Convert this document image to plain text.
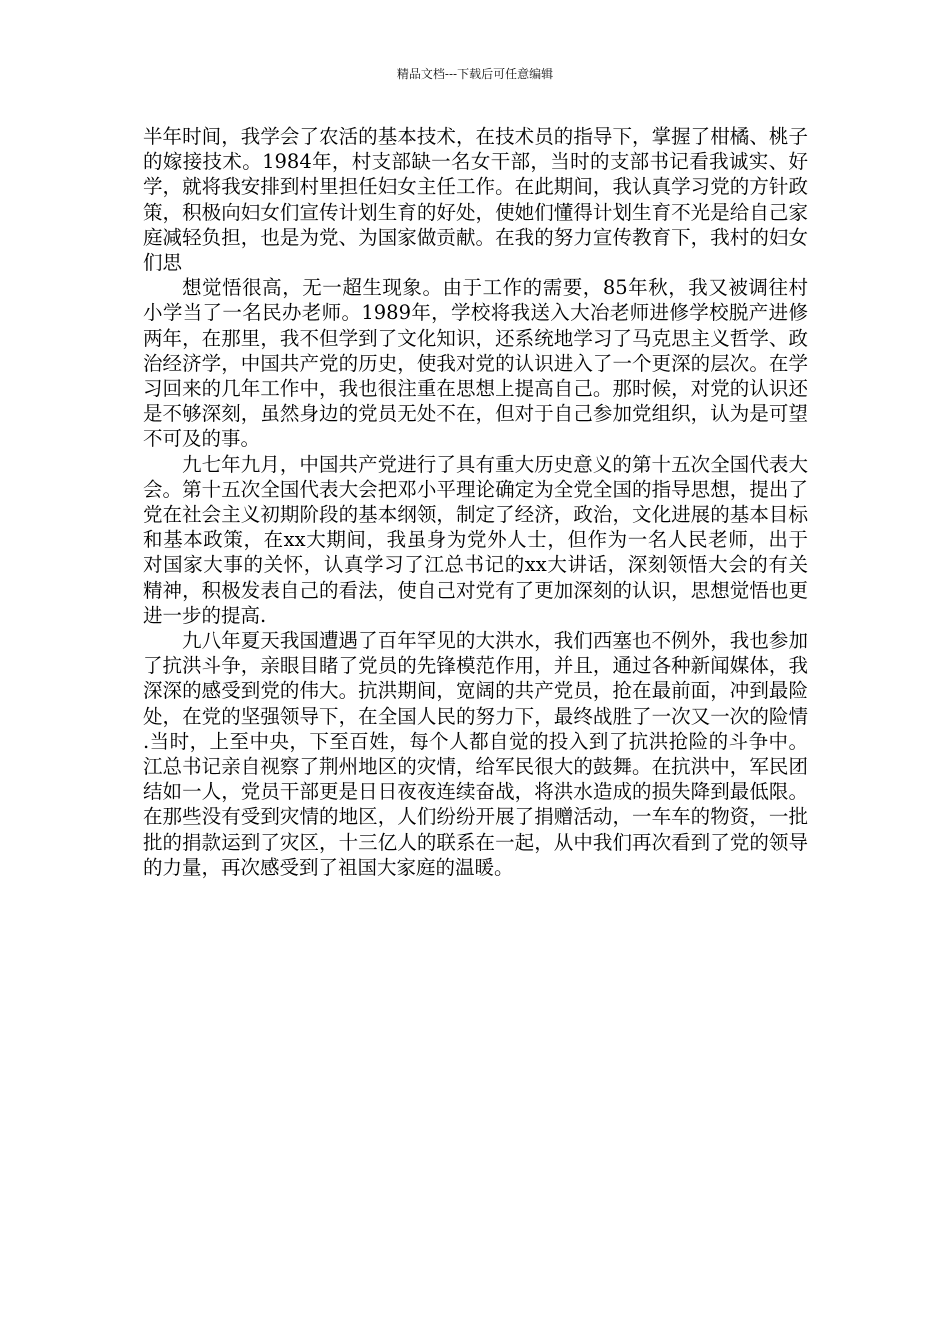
精品文档---下载后可任意编辑

半年时间，我学会了农活的基本技术，在技术员的指导下，掌握了柑橘、桃子的嫁接技术。1984年，村支部缺一名女干部，当时的支部书记看我诚实、好学，就将我安排到村里担任妇女主任工作。在此期间，我认真学习党的方针政策，积极向妇女们宣传计划生育的好处，使她们懂得计划生育不光是给自己家庭减轻负担，也是为党、为国家做贡献。在我的努力宣传教育下，我村的妇女们思

想觉悟很高，无一超生现象。由于工作的需要，85年秋，我又被调往村小学当了一名民办老师。1989年，学校将我送入大冶老师进修学校脱产进修两年，在那里，我不但学到了文化知识，还系统地学习了马克思主义哲学、政治经济学，中国共产党的历史，使我对党的认识进入了一个更深的层次。在学习回来的几年工作中，我也很注重在思想上提高自己。那时候，对党的认识还是不够深刻，虽然身边的党员无处不在，但对于自己参加党组织，认为是可望不可及的事。

九七年九月，中国共产党进行了具有重大历史意义的第十五次全国代表大会。第十五次全国代表大会把邓小平理论确定为全党全国的指导思想，提出了党在社会主义初期阶段的基本纲领，制定了经济，政治，文化进展的基本目标和基本政策，在xx大期间，我虽身为党外人士，但作为一名人民老师，出于对国家大事的关怀，认真学习了江总书记的xx大讲话，深刻领悟大会的有关精神，积极发表自己的看法，使自己对党有了更加深刻的认识，思想觉悟也更进一步的提高.

九八年夏天我国遭遇了百年罕见的大洪水，我们西塞也不例外，我也参加了抗洪斗争，亲眼目睹了党员的先锋模范作用，并且，通过各种新闻媒体，我深深的感受到党的伟大。抗洪期间，宽阔的共产党员，抢在最前面，冲到最险处，在党的坚强领导下，在全国人民的努力下，最终战胜了一次又一次的险情.当时，上至中央，下至百姓，每个人都自觉的投入到了抗洪抢险的斗争中。江总书记亲自视察了荆州地区的灾情，给军民很大的鼓舞。在抗洪中，军民团结如一人，党员干部更是日日夜夜连续奋战，将洪水造成的损失降到最低限。在那些没有受到灾情的地区，人们纷纷开展了捐赠活动，一车车的物资，一批批的捐款运到了灾区，十三亿人的联系在一起，从中我们再次看到了党的领导的力量，再次感受到了祖国大家庭的温暖。
